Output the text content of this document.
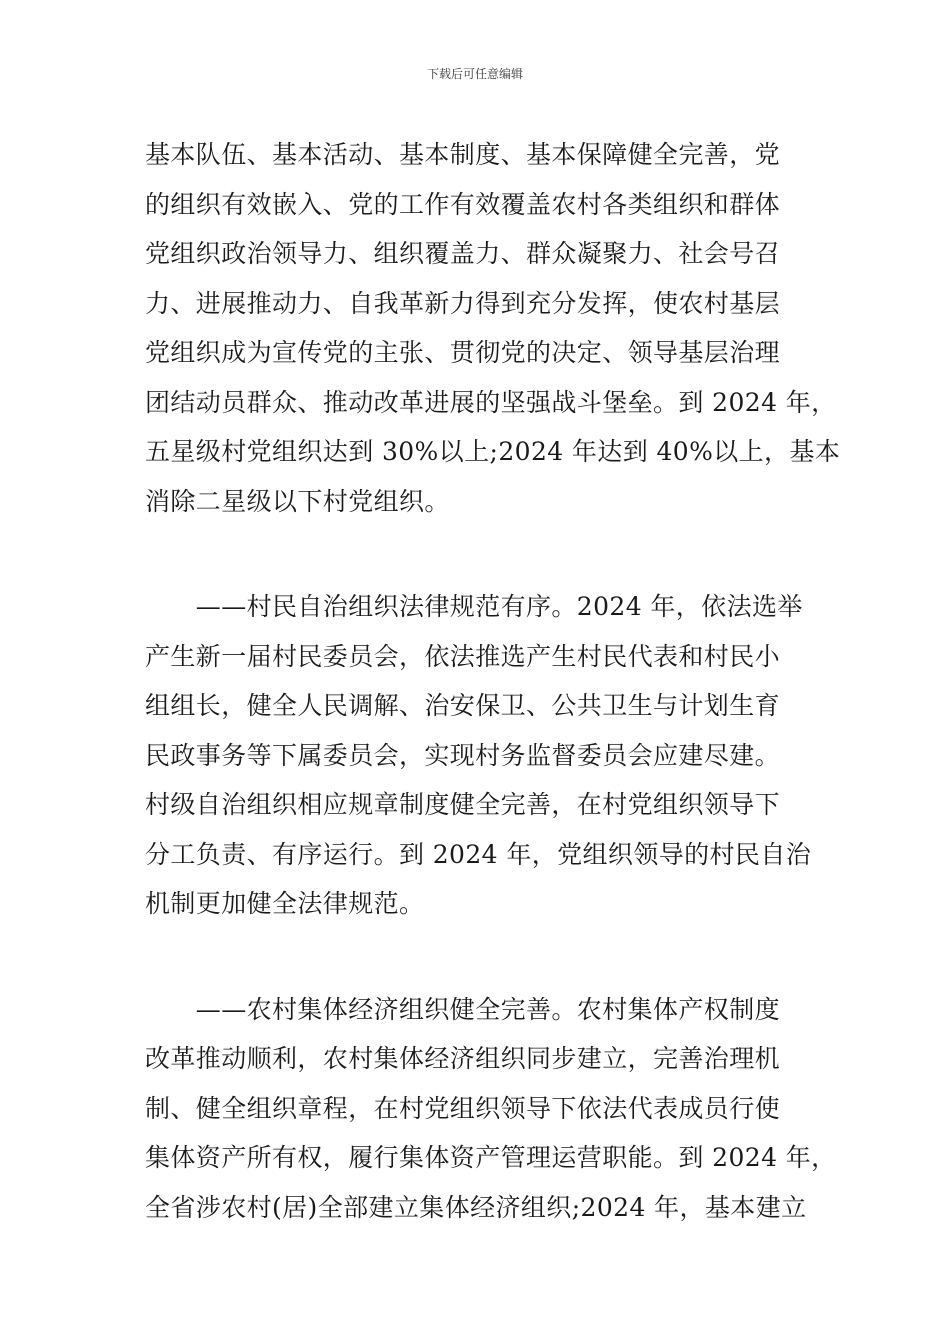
下载后可任意编辑
基本队伍、基本活动、基本制度、基本保障健全完善，党
的组织有效嵌入、党的工作有效覆盖农村各类组织和群体
党组织政治领导力、组织覆盖力、群众凝聚力、社会号召
力、进展推动力、自我革新力得到充分发挥，使农村基层
党组织成为宣传党的主张、贯彻党的决定、领导基层治理
团结动员群众、推动改革进展的坚强战斗堡垒。到 2024 年，
五星级村党组织达到 30%以上;2024 年达到 40%以上，基本
消除二星级以下村党组织。
　　——村民自治组织法律规范有序。2024 年，依法选举
产生新一届村民委员会，依法推选产生村民代表和村民小
组组长，健全人民调解、治安保卫、公共卫生与计划生育
民政事务等下属委员会，实现村务监督委员会应建尽建。
村级自治组织相应规章制度健全完善，在村党组织领导下
分工负责、有序运行。到 2024 年，党组织领导的村民自治
机制更加健全法律规范。
　　——农村集体经济组织健全完善。农村集体产权制度
改革推动顺利，农村集体经济组织同步建立，完善治理机
制、健全组织章程，在村党组织领导下依法代表成员行使
集体资产所有权，履行集体资产管理运营职能。到 2024 年，
全省涉农村(居)全部建立集体经济组织;2024 年，基本建立
